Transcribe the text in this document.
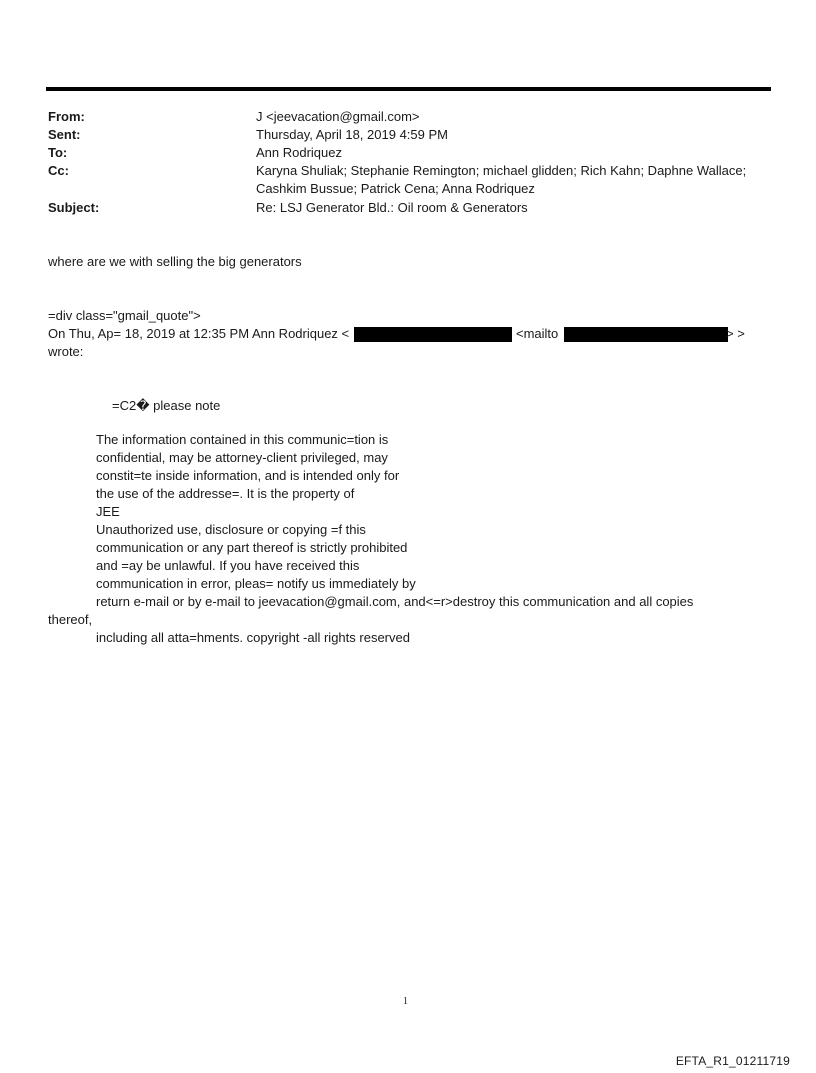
From:	J <jeevacation@gmail.com>
Sent:	Thursday, April 18, 2019 4:59 PM
To:	Ann Rodriquez
Cc:	Karyna Shuliak; Stephanie Remington; michael glidden; Rich Kahn; Daphne Wallace;
Cashkim Bussue; Patrick Cena; Anna Rodriquez
Subject:	Re: LSJ Generator Bld.: Oil room & Generators
where are we with selling the big generators
=div class="gmail_quote">
On Thu, Ap= 18, 2019 at 12:35 PM Ann Rodriquez <	<mailto	> >
wrote:
=C2� please note
The information contained in this communic=tion is
confidential, may be attorney-client privileged, may
constit=te inside information, and is intended only for
the use of the addresse=. It is the property of
JEE
Unauthorized use, disclosure or copying =f this
communication or any part thereof is strictly prohibited
and =ay be unlawful. If you have received this
communication in error, pleas= notify us immediately by
return e-mail or by e-mail to jeevacation@gmail.com, and<=r>destroy this communication and all copies
thereof,
including all atta=hments. copyright -all rights reserved
1
EFTA_R1_01211719
